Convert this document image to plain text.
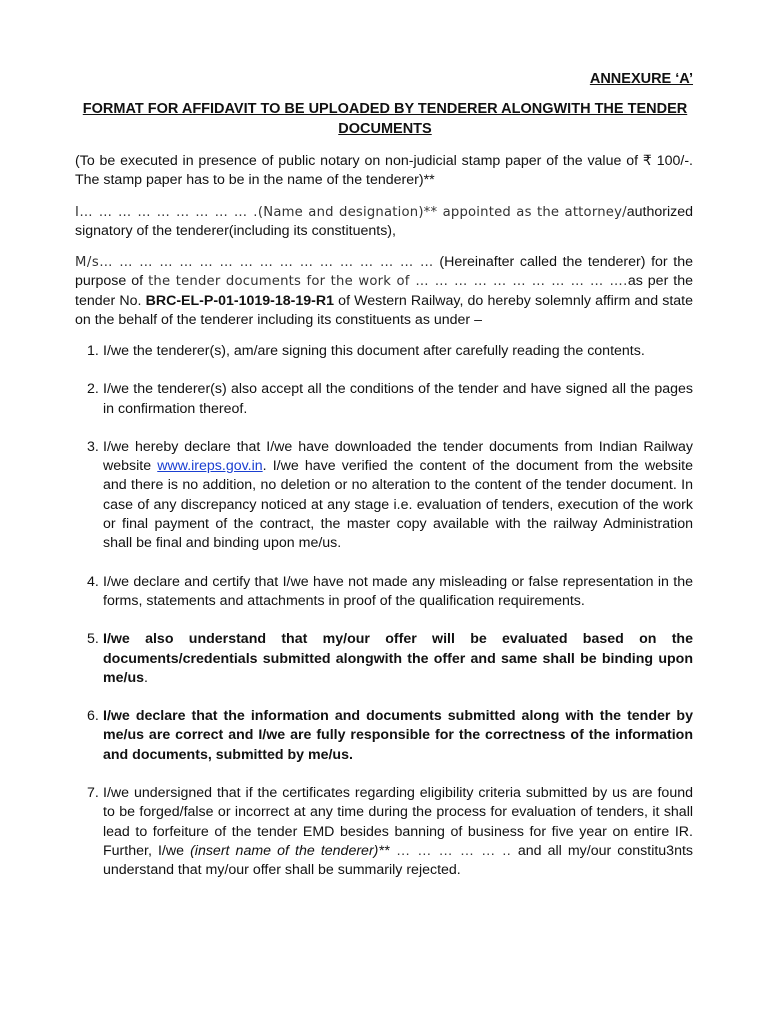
ANNEXURE ‘A’
FORMAT FOR AFFIDAVIT TO BE UPLOADED BY TENDERER ALONGWITH THE TENDER DOCUMENTS
(To be executed in presence of public notary on non-judicial stamp paper of the value of ₹ 100/-. The stamp paper has to be in the name of the tenderer)**
I… … … … … … … … … .(Name and designation)** appointed as the attorney/authorized signatory of the tenderer(including its constituents),
M/s… … … … … … … … … … … … … … … … … (Hereinafter called the tenderer) for the purpose of the tender documents for the work of … … … … … … … … … … ….as per the tender No. BRC-EL-P-01-1019-18-19-R1 of Western Railway, do hereby solemnly affirm and state on the behalf of the tenderer including its constituents as under –
1. I/we the tenderer(s), am/are signing this document after carefully reading the contents.
2. I/we the tenderer(s) also accept all the conditions of the tender and have signed all the pages in confirmation thereof.
3. I/we hereby declare that I/we have downloaded the tender documents from Indian Railway website www.ireps.gov.in. I/we have verified the content of the document from the website and there is no addition, no deletion or no alteration to the content of the tender document. In case of any discrepancy noticed at any stage i.e. evaluation of tenders, execution of the work or final payment of the contract, the master copy available with the railway Administration shall be final and binding upon me/us.
4. I/we declare and certify that I/we have not made any misleading or false representation in the forms, statements and attachments in proof of the qualification requirements.
5. I/we also understand that my/our offer will be evaluated based on the documents/credentials submitted alongwith the offer and same shall be binding upon me/us.
6. I/we declare that the information and documents submitted along with the tender by me/us are correct and I/we are fully responsible for the correctness of the information and documents, submitted by me/us.
7. I/we undersigned that if the certificates regarding eligibility criteria submitted by us are found to be forged/false or incorrect at any time during the process for evaluation of tenders, it shall lead to forfeiture of the tender EMD besides banning of business for five year on entire IR. Further, I/we (insert name of the tenderer)** … … … … … .. and all my/our constitu3nts understand that my/our offer shall be summarily rejected.
